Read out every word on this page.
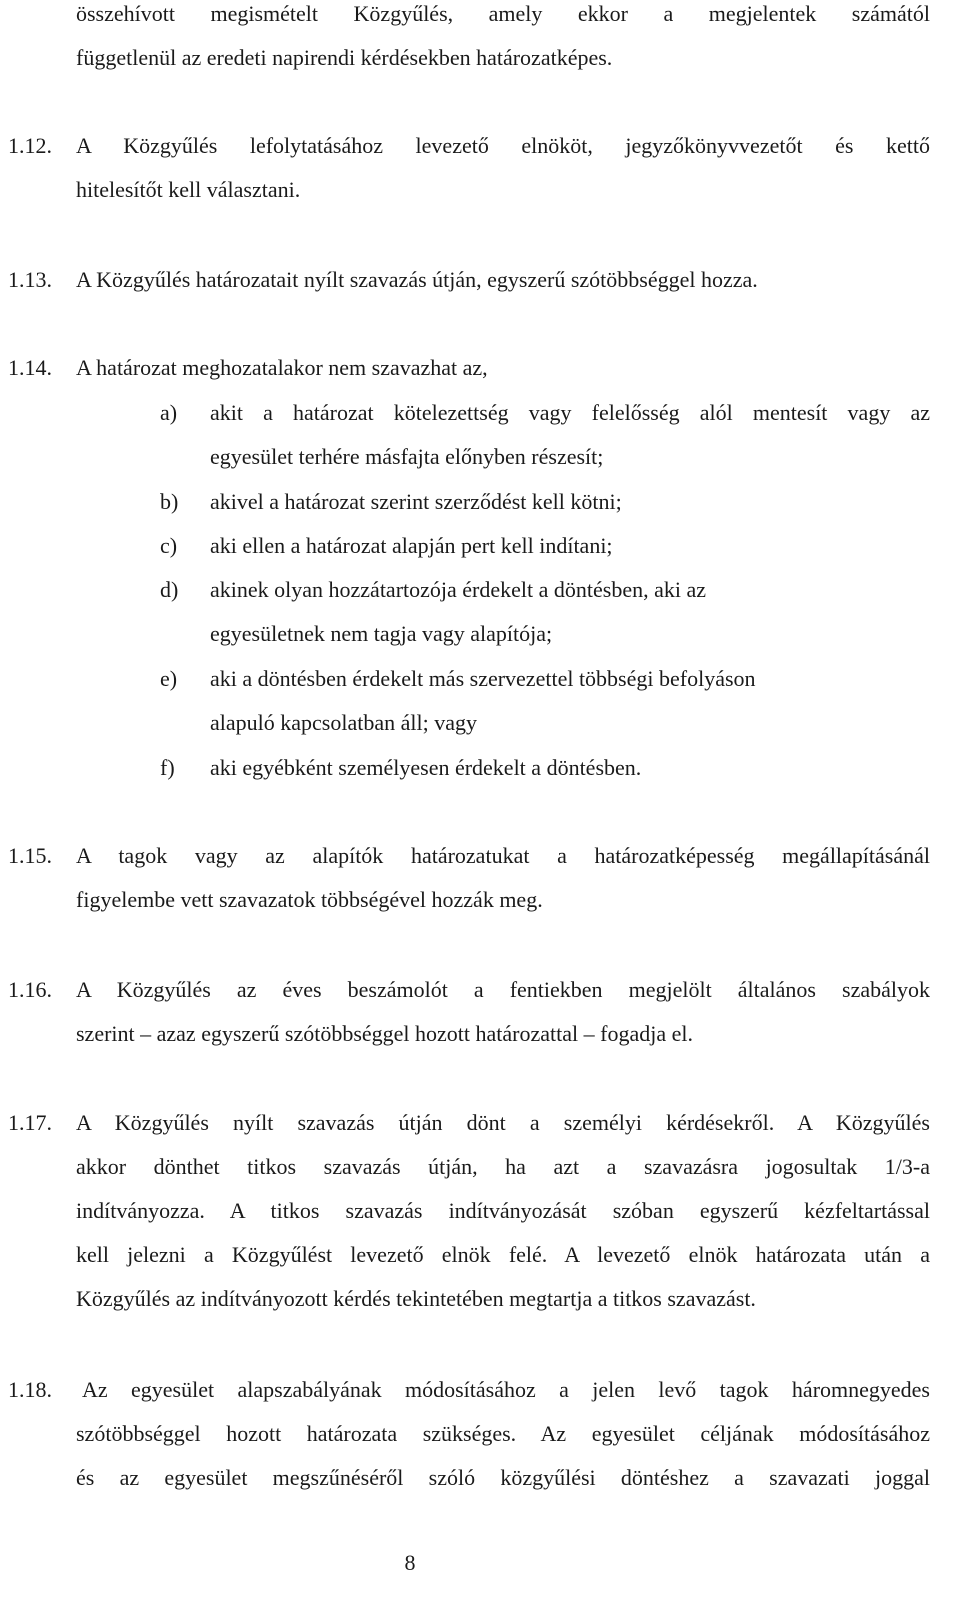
összehívott megismételt Közgyűlés, amely ekkor a megjelentek számától
függetlenül az eredeti napirendi kérdésekben határozatképes.
1.12. A Közgyűlés lefolytatásához levezető elnököt, jegyzőkönyvvezetőt és kettő
hitelesítőt kell választani.
1.13. A Közgyűlés határozatait nyílt szavazás útján, egyszerű szótöbbséggel hozza.
1.14. A határozat meghozatalakor nem szavazhat az,
a) akit a határozat kötelezettség vagy felelősség alól mentesít vagy az
egyesület terhére másfajta előnyben részesít;
b) akivel a határozat szerint szerződést kell kötni;
c) aki ellen a határozat alapján pert kell indítani;
d) akinek olyan hozzátartozója érdekelt a döntésben, aki az
egyesületnek nem tagja vagy alapítója;
e) aki a döntésben érdekelt más szervezettel többségi befolyáson
alapuló kapcsolatban áll; vagy
f) aki egyébként személyesen érdekelt a döntésben.
1.15. A tagok vagy az alapítók határozatukat a határozatképesség megállapításánál
figyelembe vett szavazatok többségével hozzák meg.
1.16. A Közgyűlés az éves beszámolót a fentiekben megjelölt általános szabályok
szerint – azaz egyszerű szótöbbséggel hozott határozattal – fogadja el.
1.17. A Közgyűlés nyílt szavazás útján dönt a személyi kérdésekről. A Közgyűlés
akkor dönthet titkos szavazás útján, ha azt a szavazásra jogosultak 1/3-a
indítványozza. A titkos szavazás indítványozását szóban egyszerű kézfeltartással
kell jelezni a Közgyűlést levezető elnök felé. A levezető elnök határozata után a
Közgyűlés az indítványozott kérdés tekintetében megtartja a titkos szavazást.
1.18. Az egyesület alapszabályának módosításához a jelen levő tagok háromnegyedes
szótöbbséggel hozott határozata szükséges. Az egyesület céljának módosításához
és az egyesület megszűnéséről szóló közgyűlési döntéshez a szavazati joggal
8
